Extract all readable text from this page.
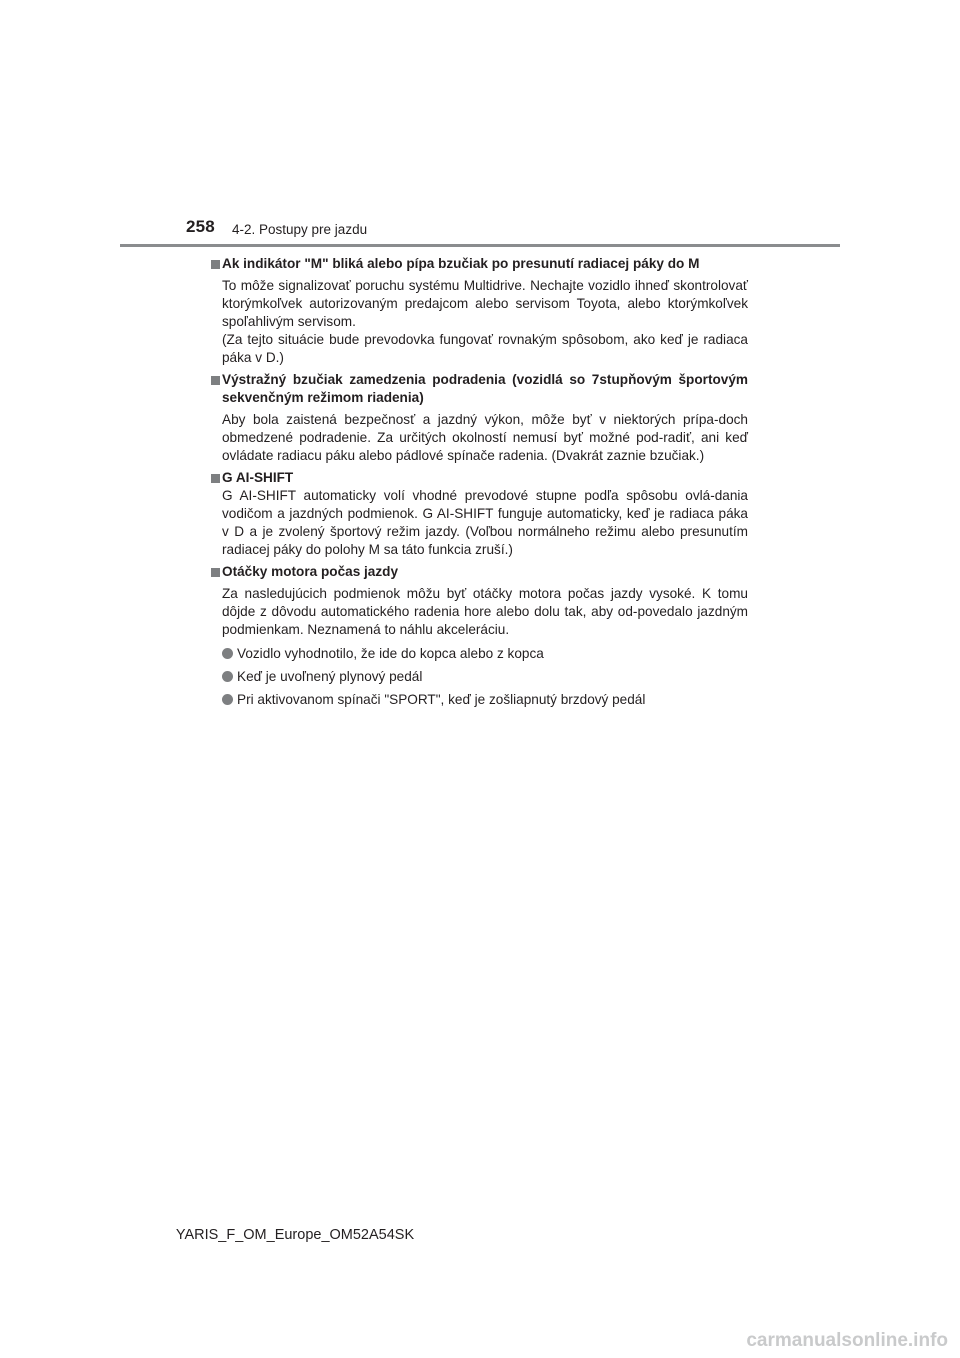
258 4-2. Postupy pre jazdu
Ak indikátor "M" bliká alebo pípa bzučiak po presunutí radiacej páky do M
To môže signalizovať poruchu systému Multidrive. Nechajte vozidlo ihneď skontrolovať ktorýmkoľvek autorizovaným predajcom alebo servisom Toyota, alebo ktorýmkoľvek spoľahlivým servisom.
(Za tejto situácie bude prevodovka fungovať rovnakým spôsobom, ako keď je radiaca páka v D.)
Výstražný bzučiak zamedzenia podradenia (vozidlá so 7stupňovým športovým sekvenčným režimom riadenia)
Aby bola zaistená bezpečnosť a jazdný výkon, môže byť v niektorých prípa-doch obmedzené podradenie. Za určitých okolností nemusí byť možné pod-radiť, ani keď ovládate radiacu páku alebo pádlové spínače radenia. (Dvakrát zaznie bzučiak.)
G AI-SHIFT
G AI-SHIFT automaticky volí vhodné prevodové stupne podľa spôsobu ovlá-dania vodičom a jazdných podmienok. G AI-SHIFT funguje automaticky, keď je radiaca páka v D a je zvolený športový režim jazdy. (Voľbou normálneho režimu alebo presunutím radiacej páky do polohy M sa táto funkcia zruší.)
Otáčky motora počas jazdy
Za nasledujúcich podmienok môžu byť otáčky motora počas jazdy vysoké. K tomu dôjde z dôvodu automatického radenia hore alebo dolu tak, aby od-povedalo jazdným podmienkam. Neznamená to náhlu akceleráciu.
Vozidlo vyhodnotilo, že ide do kopca alebo z kopca
Keď je uvoľnený plynový pedál
Pri aktivovanom spínači "SPORT", keď je zošliapnutý brzdový pedál
YARIS_F_OM_Europe_OM52A54SK
carmanualsonline.info
